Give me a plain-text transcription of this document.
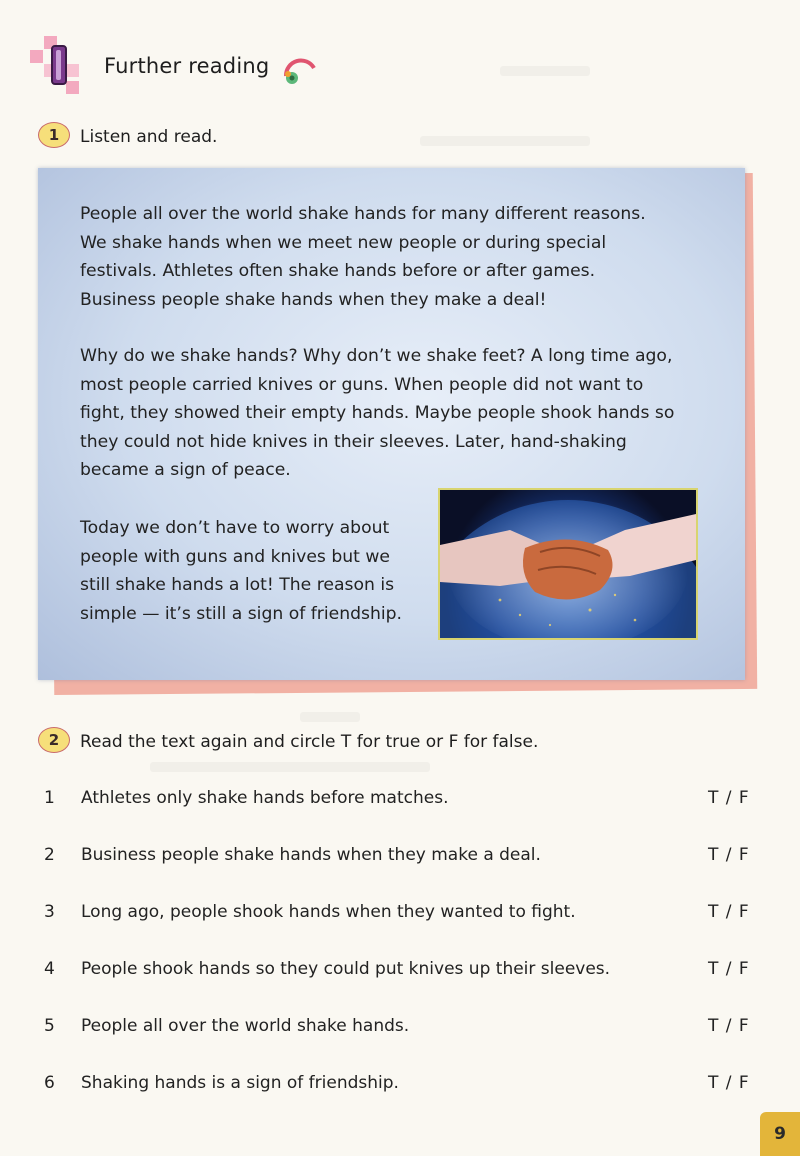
Further reading
1	Listen and read.
People all over the world shake hands for many different reasons.
We shake hands when we meet new people or during special
festivals. Athletes often shake hands before or after games.
Business people shake hands when they make a deal!
Why do we shake hands? Why don’t we shake feet? A long time ago,
most people carried knives or guns. When people did not want to
fight, they showed their empty hands. Maybe people shook hands so
they could not hide knives in their sleeves. Later, hand-shaking
became a sign of peace.
Today we don’t have to worry about
people with guns and knives but we
still shake hands a lot! The reason is
simple — it’s still a sign of friendship.
2	Read the text again and circle T for true or F for false.
1 Athletes only shake hands before matches.	T / F
2 Business people shake hands when they make a deal.	T / F
3 Long ago, people shook hands when they wanted to fight.	T / F
4 People shook hands so they could put knives up their sleeves.	T / F
5 People all over the world shake hands.	T / F
6 Shaking hands is a sign of friendship.	T / F
9
